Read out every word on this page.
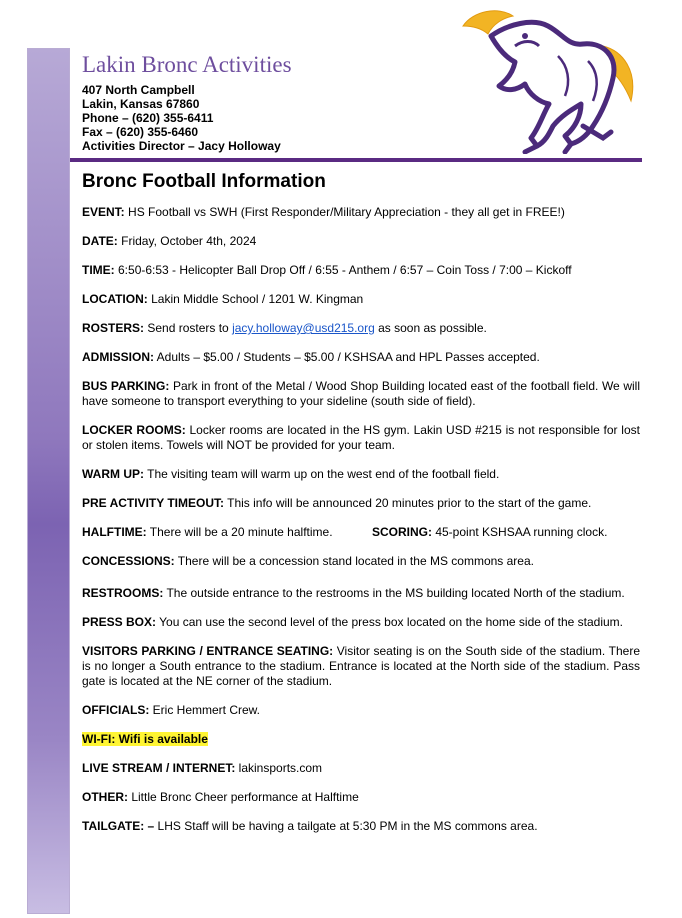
Lakin Bronc Activities
407 North Campbell
Lakin, Kansas 67860
Phone – (620) 355-6411
Fax – (620) 355-6460
Activities Director – Jacy Holloway
Bronc Football Information

EVENT: HS Football vs SWH (First Responder/Military Appreciation - they all get in FREE!)

DATE: Friday, October 4th, 2024

TIME: 6:50-6:53 - Helicopter Ball Drop Off / 6:55 - Anthem / 6:57 – Coin Toss / 7:00 – Kickoff

LOCATION: Lakin Middle School / 1201 W. Kingman

ROSTERS: Send rosters to jacy.holloway@usd215.org as soon as possible.

ADMISSION: Adults – $5.00 / Students – $5.00 / KSHSAA and HPL Passes accepted.

BUS PARKING: Park in front of the Metal / Wood Shop Building located east of the football field. We will have someone to transport everything to your sideline (south side of field).

LOCKER ROOMS: Locker rooms are located in the HS gym. Lakin USD #215 is not responsible for lost or stolen items. Towels will NOT be provided for your team.

WARM UP: The visiting team will warm up on the west end of the football field.

PRE ACTIVITY TIMEOUT: This info will be announced 20 minutes prior to the start of the game.

HALFTIME: There will be a 20 minute halftime.	SCORING: 45-point KSHSAA running clock.

CONCESSIONS: There will be a concession stand located in the MS commons area.

RESTROOMS: The outside entrance to the restrooms in the MS building located North of the stadium.

PRESS BOX: You can use the second level of the press box located on the home side of the stadium.

VISITORS PARKING / ENTRANCE SEATING: Visitor seating is on the South side of the stadium. There is no longer a South entrance to the stadium. Entrance is located at the North side of the stadium. Pass gate is located at the NE corner of the stadium.

OFFICIALS: Eric Hemmert Crew.

WI-FI: Wifi is available

LIVE STREAM / INTERNET: lakinsports.com

OTHER: Little Bronc Cheer performance at Halftime

TAILGATE: – LHS Staff will be having a tailgate at 5:30 PM in the MS commons area.
